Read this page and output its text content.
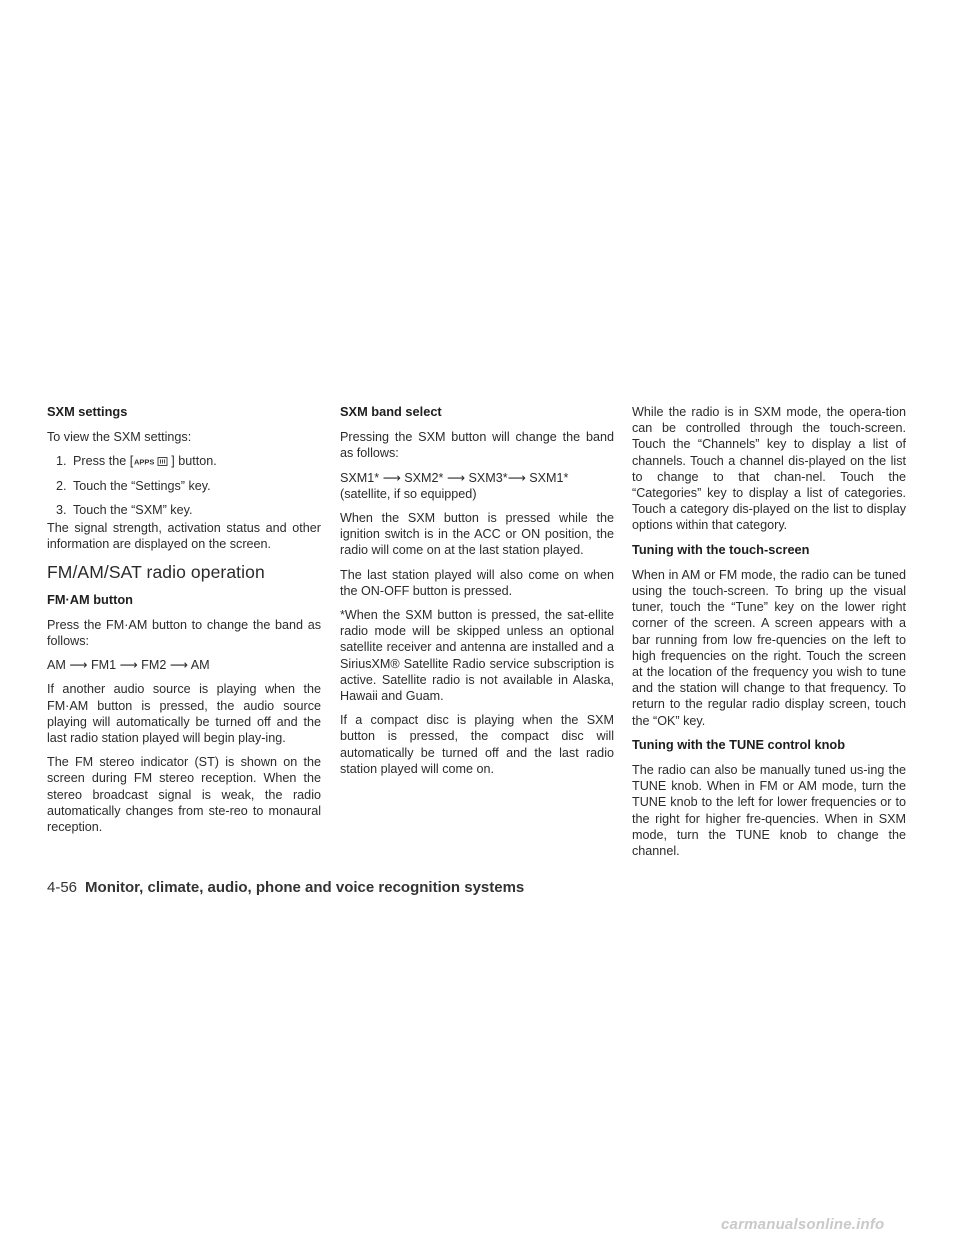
SXM settings

To view the SXM settings:

1. Press the [ APPS ] button.
2. Touch the “Settings” key.
3. Touch the “SXM” key.

The signal strength, activation status and other information are displayed on the screen.

FM/AM/SAT radio operation
FM·AM button

Press the FM·AM button to change the band as follows:

AM ⟶ FM1 ⟶ FM2 ⟶ AM

If another audio source is playing when the FM·AM button is pressed, the audio source playing will automatically be turned off and the last radio station played will begin play-ing.

The FM stereo indicator (ST) is shown on the screen during FM stereo reception. When the stereo broadcast signal is weak, the radio automatically changes from ste-reo to monaural reception.

SXM band select

Pressing the SXM button will change the band as follows:

SXM1* ⟶ SXM2* ⟶ SXM3*⟶ SXM1* (satellite, if so equipped)

When the SXM button is pressed while the ignition switch is in the ACC or ON position, the radio will come on at the last station played.

The last station played will also come on when the ON-OFF button is pressed.

*When the SXM button is pressed, the sat-ellite radio mode will be skipped unless an optional satellite receiver and antenna are installed and a SiriusXM® Satellite Radio service subscription is active. Satellite radio is not available in Alaska, Hawaii and Guam.

If a compact disc is playing when the SXM button is pressed, the compact disc will automatically be turned off and the last radio station played will come on.

While the radio is in SXM mode, the opera-tion can be controlled through the touch-screen. Touch the “Channels” key to display a list of channels. Touch a channel dis-played on the list to change to that chan-nel. Touch the “Categories” key to display a list of categories. Touch a category dis-played on the list to display options within that category.

Tuning with the touch-screen

When in AM or FM mode, the radio can be tuned using the touch-screen. To bring up the visual tuner, touch the “Tune” key on the lower right corner of the screen. A screen appears with a bar running from low fre-quencies on the left to high frequencies on the right. Touch the screen at the location of the frequency you wish to tune and the station will change to that frequency. To return to the regular radio display screen, touch the “OK” key.

Tuning with the TUNE control knob

The radio can also be manually tuned us-ing the TUNE knob. When in FM or AM mode, turn the TUNE knob to the left for lower frequencies or to the right for higher fre-quencies. When in SXM mode, turn the TUNE knob to change the channel.

4-56 Monitor, climate, audio, phone and voice recognition systems
carmanualsonline.info
